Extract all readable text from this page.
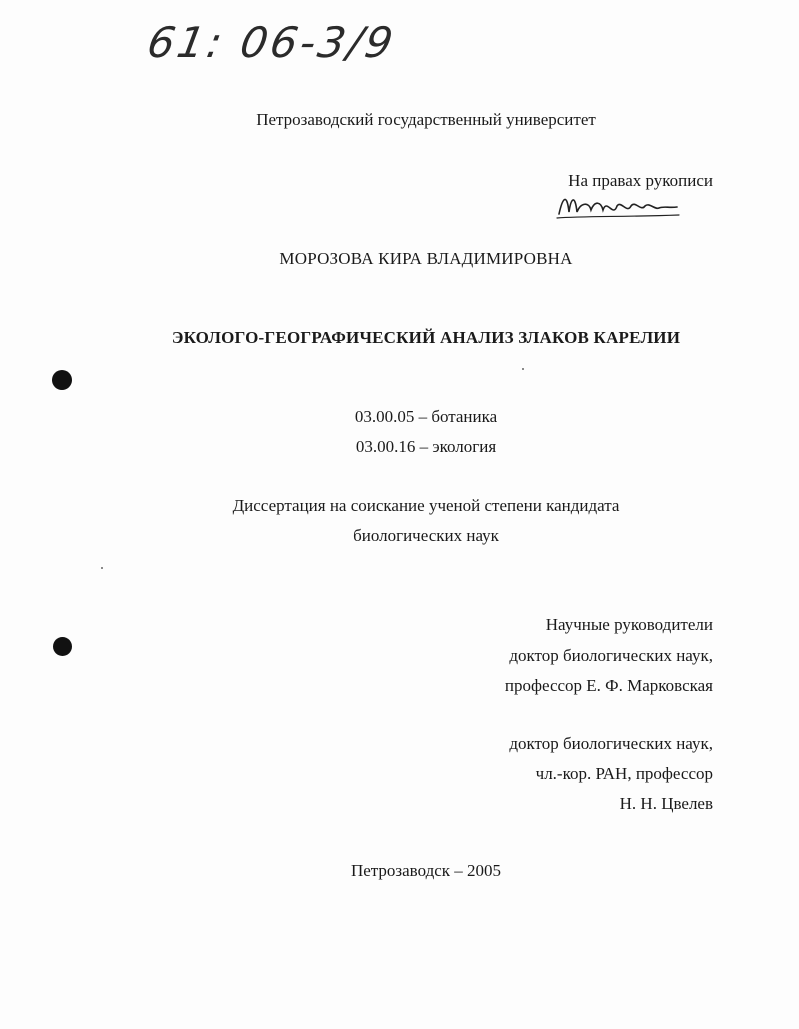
61: 06-3/9
Петрозаводский государственный университет
На правах рукописи
МОРОЗОВА КИРА ВЛАДИМИРОВНА
ЭКОЛОГО-ГЕОГРАФИЧЕСКИЙ АНАЛИЗ ЗЛАКОВ КАРЕЛИИ
03.00.05 – ботаника
03.00.16 – экология
Диссертация на соискание ученой степени кандидата
биологических наук
Научные руководители
доктор биологических наук,
профессор Е. Ф. Марковская
доктор биологических наук,
чл.-кор. РАН, профессор
Н. Н. Цвелев
Петрозаводск – 2005
